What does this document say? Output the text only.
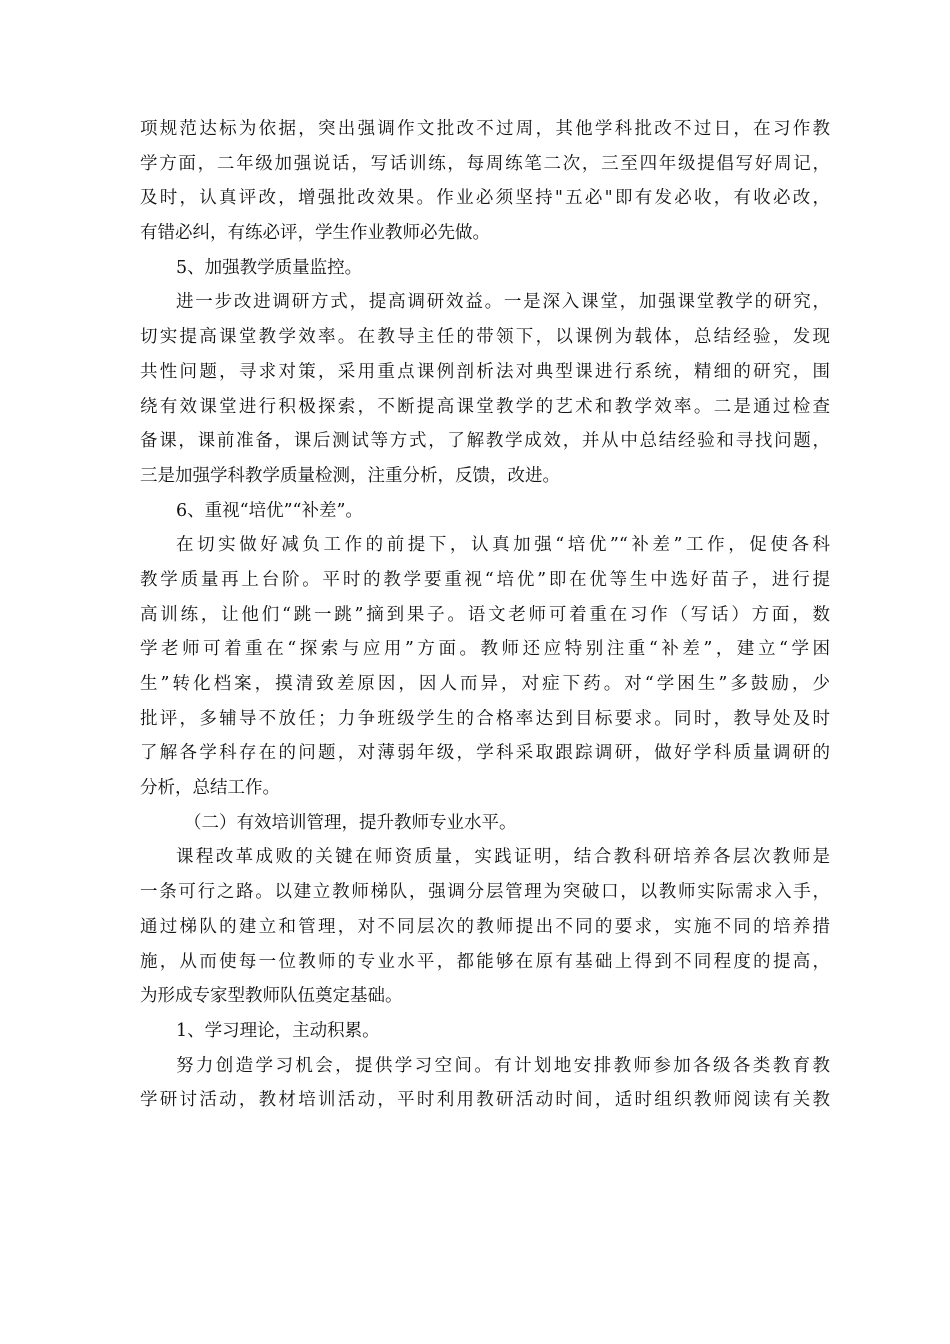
项规范达标为依据，突出强调作文批改不过周，其他学科批改不过日，在习作教
学方面，二年级加强说话，写话训练，每周练笔二次，三至四年级提倡写好周记，
及时，认真评改，增强批改效果。作业必须坚持"五必"即有发必收，有收必改，
有错必纠，有练必评，学生作业教师必先做。
5、加强教学质量监控。
进一步改进调研方式，提高调研效益。一是深入课堂，加强课堂教学的研究，
切实提高课堂教学效率。在教导主任的带领下，以课例为载体，总结经验，发现
共性问题，寻求对策，采用重点课例剖析法对典型课进行系统，精细的研究，围
绕有效课堂进行积极探索，不断提高课堂教学的艺术和教学效率。二是通过检查
备课，课前准备，课后测试等方式，了解教学成效，并从中总结经验和寻找问题，
三是加强学科教学质量检测，注重分析，反馈，改进。
6、重视“培优”“补差”。
在切实做好减负工作的前提下，认真加强“培优”“补差”工作，促使各科
教学质量再上台阶。平时的教学要重视“培优”即在优等生中选好苗子，进行提
高训练，让他们“跳一跳”摘到果子。语文老师可着重在习作（写话）方面，数
学老师可着重在“探索与应用”方面。教师还应特别注重“补差”，建立“学困
生”转化档案，摸清致差原因，因人而异，对症下药。对“学困生”多鼓励，少
批评，多辅导不放任；力争班级学生的合格率达到目标要求。同时，教导处及时
了解各学科存在的问题，对薄弱年级，学科采取跟踪调研，做好学科质量调研的
分析，总结工作。
（二）有效培训管理，提升教师专业水平。
课程改革成败的关键在师资质量，实践证明，结合教科研培养各层次教师是
一条可行之路。以建立教师梯队，强调分层管理为突破口，以教师实际需求入手，
通过梯队的建立和管理，对不同层次的教师提出不同的要求，实施不同的培养措
施，从而使每一位教师的专业水平，都能够在原有基础上得到不同程度的提高，
为形成专家型教师队伍奠定基础。
1、学习理论，主动积累。
努力创造学习机会，提供学习空间。有计划地安排教师参加各级各类教育教
学研讨活动，教材培训活动，平时利用教研活动时间，适时组织教师阅读有关教
